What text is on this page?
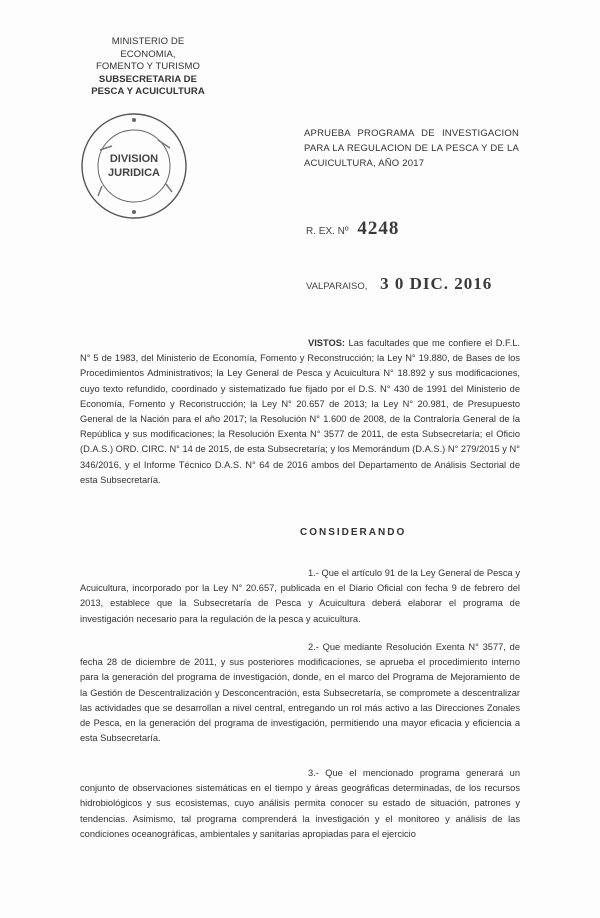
MINISTERIO DE
ECONOMIA,
FOMENTO Y TURISMO
SUBSECRETARIA DE
PESCA Y ACUICULTURA
DIVISION
JURIDICA
APRUEBA PROGRAMA DE INVESTIGACION PARA LA REGULACION DE LA PESCA Y DE LA ACUICULTURA, AÑO 2017
R. EX. Nº 4248
VALPARAISO, 3 0 DIC. 2016
VISTOS: Las facultades que me confiere el D.F.L. N° 5 de 1983, del Ministerio de Economía, Fomento y Reconstrucción; la Ley N° 19.880, de Bases de los Procedimientos Administrativos; la Ley General de Pesca y Acuicultura N° 18.892 y sus modificaciones, cuyo texto refundido, coordinado y sistematizado fue fijado por el D.S. N° 430 de 1991 del Ministerio de Economía, Fomento y Reconstrucción; la Ley N° 20.657 de 2013; la Ley N° 20.981, de Presupuesto General de la Nación para el año 2017; la Resolución N° 1.600 de 2008, de la Contraloría General de la República y sus modificaciones; la Resolución Exenta N° 3577 de 2011, de esta Subsecretaría; el Oficio (D.A.S.) ORD. CIRC. N° 14 de 2015, de esta Subsecretaría; y los Memorándum (D.A.S.) N° 279/2015 y N° 346/2016, y el Informe Técnico D.A.S. N° 64 de 2016 ambos del Departamento de Análisis Sectorial de esta Subsecretaría.
CONSIDERANDO
1.- Que el artículo 91 de la Ley General de Pesca y Acuicultura, incorporado por la Ley N° 20.657, publicada en el Diario Oficial con fecha 9 de febrero del 2013, establece que la Subsecretaría de Pesca y Acuicultura deberá elaborar el programa de investigación necesario para la regulación de la pesca y acuicultura.
2.- Que mediante Resolución Exenta N° 3577, de fecha 28 de diciembre de 2011, y sus posteriores modificaciones, se aprueba el procedimiento interno para la generación del programa de investigación, donde, en el marco del Programa de Mejoramiento de la Gestión de Descentralización y Desconcentración, esta Subsecretaría, se compromete a descentralizar las actividades que se desarrollan a nivel central, entregando un rol más activo a las Direcciones Zonales de Pesca, en la generación del programa de investigación, permitiendo una mayor eficacia y eficiencia a esta Subsecretaría.
3.- Que el mencionado programa generará un conjunto de observaciones sistemáticas en el tiempo y áreas geográficas determinadas, de los recursos hidrobiológicos y sus ecosistemas, cuyo análisis permita conocer su estado de situación, patrones y tendencias. Asimismo, tal programa comprenderá la investigación y el monitoreo y análisis de las condiciones oceanográficas, ambientales y sanitarias apropiadas para el ejercicio
